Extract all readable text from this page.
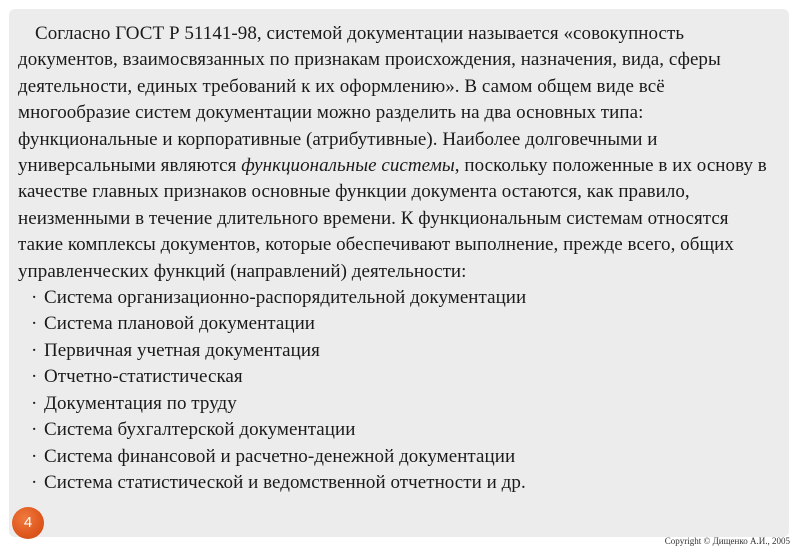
Согласно ГОСТ Р 51141-98, системой документации называется «совокупность документов, взаимосвязанных по признакам происхождения, назначения, вида, сферы деятельности, единых требований к их оформлению». В самом общем виде всё многообразие систем документации можно разделить на два основных типа: функциональные и корпоративные (атрибутивные). Наиболее долговечными и универсальными являются функциональные системы, поскольку положенные в их основу в качестве главных признаков основные функции документа остаются, как правило, неизменными в течение длительного времени. К функциональным системам относятся такие комплексы документов, которые обеспечивают выполнение, прежде всего, общих управленческих функций (направлений) деятельности:

· Система организационно-распорядительной документации
· Система плановой документации
· Первичная учетная документация
· Отчетно-статистическая
· Документация по труду
· Система бухгалтерской документации
· Система финансовой и расчетно-денежной документации
· Система статистической и ведомственной отчетности и др.
4
Copyright © Дищенко А.И., 2005
